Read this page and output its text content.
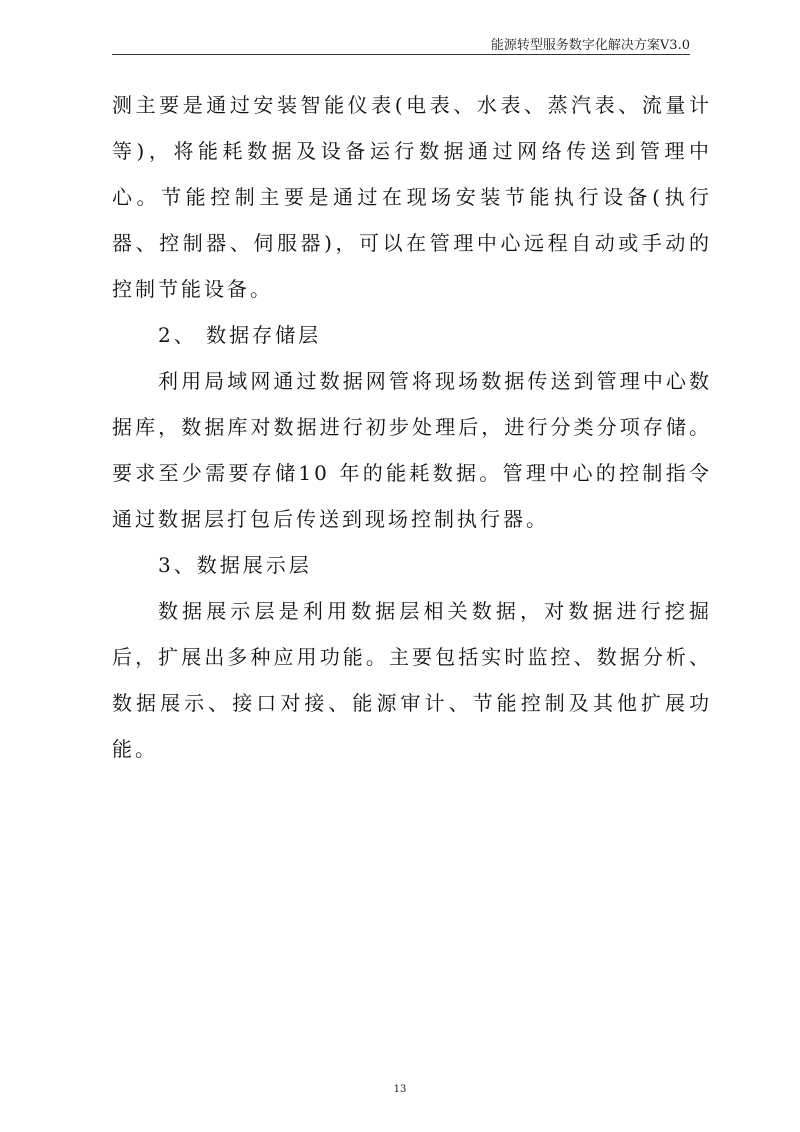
能源转型服务数字化解决方案V3.0

测主要是通过安装智能仪表(电表、水表、蒸汽表、流量计等)，将能耗数据及设备运行数据通过网络传送到管理中心。节能控制主要是通过在现场安装节能执行设备(执行器、控制器、伺服器)，可以在管理中心远程自动或手动的控制节能设备。

2、 数据存储层

利用局域网通过数据网管将现场数据传送到管理中心数据库，数据库对数据进行初步处理后，进行分类分项存储。要求至少需要存储10 年的能耗数据。管理中心的控制指令通过数据层打包后传送到现场控制执行器。

3、数据展示层

数据展示层是利用数据层相关数据，对数据进行挖掘后，扩展出多种应用功能。主要包括实时监控、数据分析、数据展示、接口对接、能源审计、节能控制及其他扩展功能。

13
